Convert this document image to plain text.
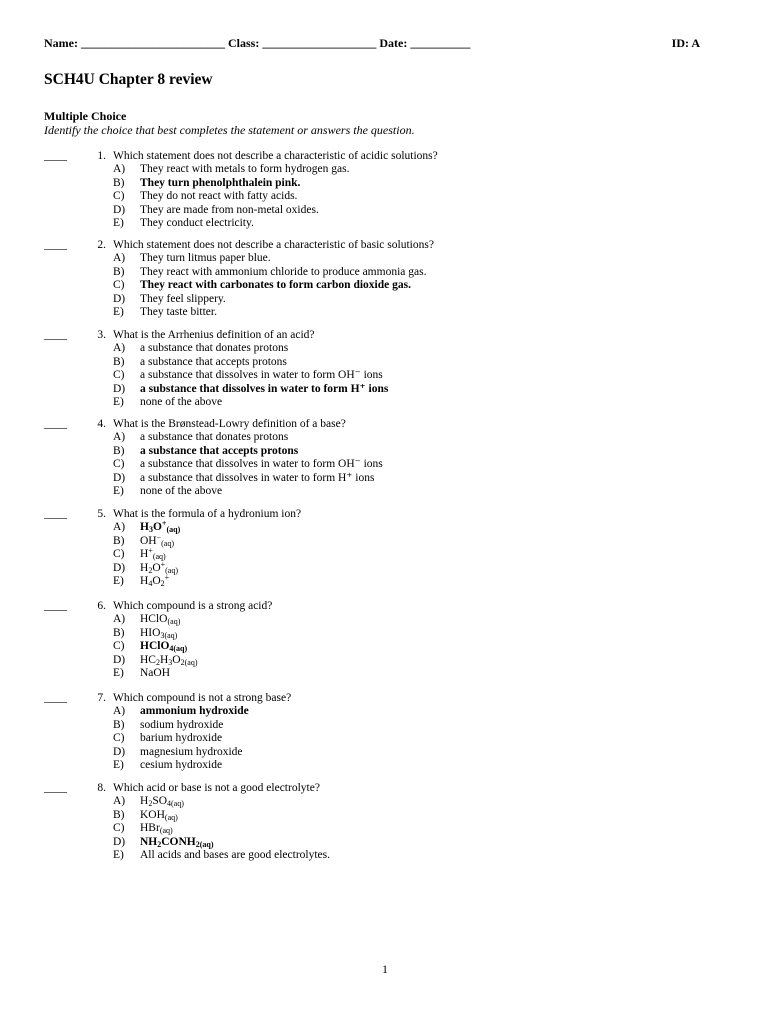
Name: ________________________ Class: ___________________ Date: __________	ID: A
SCH4U Chapter 8 review
Multiple Choice
Identify the choice that best completes the statement or answers the question.
____	1. Which statement does not describe a characteristic of acidic solutions?
A) They react with metals to form hydrogen gas.
B) They turn phenolphthalein pink.
C) They do not react with fatty acids.
D) They are made from non-metal oxides.
E) They conduct electricity.
____	2. Which statement does not describe a characteristic of basic solutions?
A) They turn litmus paper blue.
B) They react with ammonium chloride to produce ammonia gas.
C) They react with carbonates to form carbon dioxide gas.
D) They feel slippery.
E) They taste bitter.
____	3. What is the Arrhenius definition of an acid?
A) a substance that donates protons
B) a substance that accepts protons
C) a substance that dissolves in water to form OH⁻ ions
D) a substance that dissolves in water to form H⁺ ions
E) none of the above
____	4. What is the Brønstead-Lowry definition of a base?
A) a substance that donates protons
B) a substance that accepts protons
C) a substance that dissolves in water to form OH⁻ ions
D) a substance that dissolves in water to form H⁺ ions
E) none of the above
____	5. What is the formula of a hydronium ion?
A) $H_3O^+_{(aq)}$
B) $OH^-_{(aq)}$
C) $H^+_{(aq)}$
D) $H_2O^+_{(aq)}$
E) $H_4O_2^+$
____	6. Which compound is a strong acid?
A) HClO$_{(aq)}$
B) $HIO_{3(aq)}$
C) HClO$_{4(aq)}$
D) $HC_2H_3O_{2(aq)}$
E) NaOH
____	7. Which compound is not a strong base?
A) ammonium hydroxide
B) sodium hydroxide
C) barium hydroxide
D) magnesium hydroxide
E) cesium hydroxide
____	8. Which acid or base is not a good electrolyte?
A) $H_2SO_{4(aq)}$
B) $KOH_{(aq)}$
C) HBr$_{(aq)}$
D) $NH_2CONH_{2(aq)}$
E) All acids and bases are good electrolytes.
1
